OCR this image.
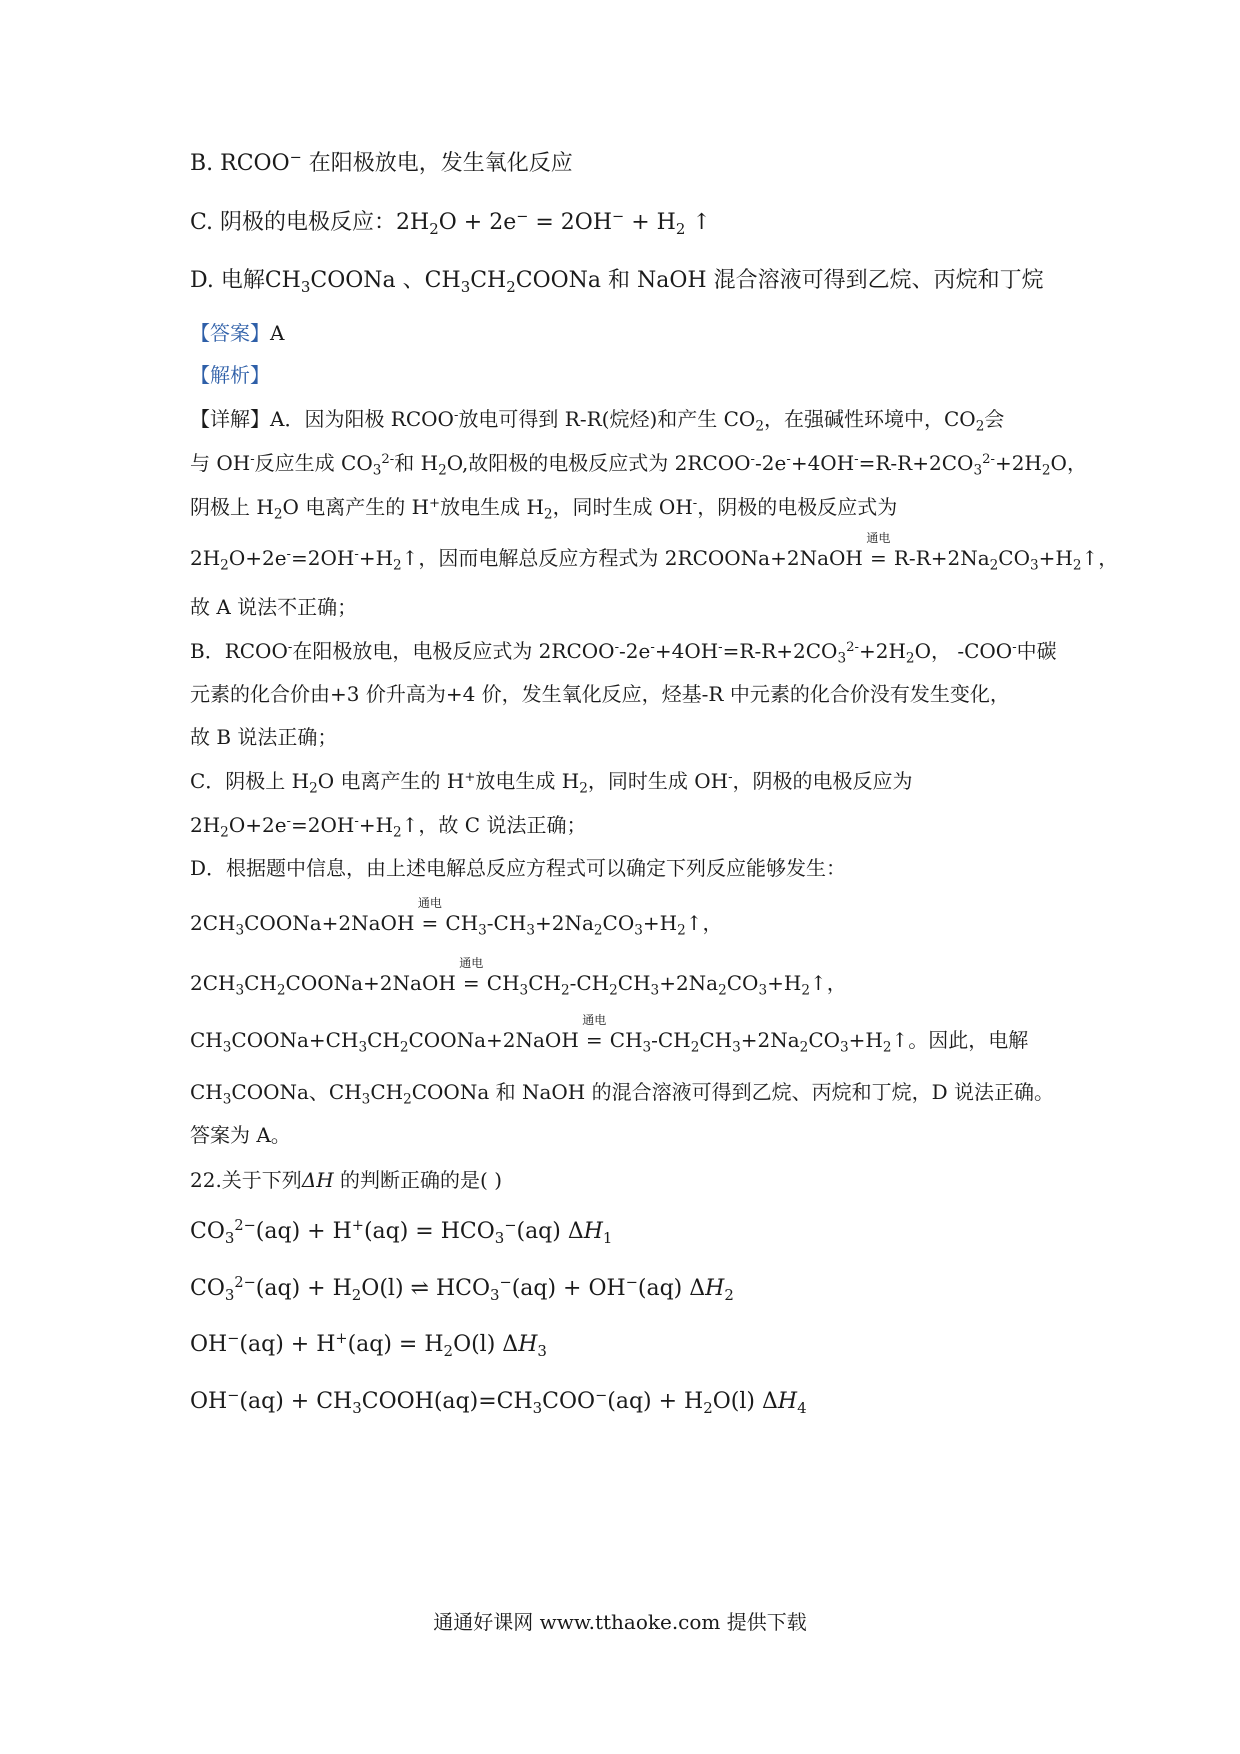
B. RCOO− 在阳极放电，发生氧化反应
C. 阴极的电极反应：$2H_2O + 2e^- = 2OH^- + H_2$ ↑
D. 电解$CH_3COONa$ 、$CH_3CH_2COONa$ 和 NaOH 混合溶液可得到乙烷、丙烷和丁烷
【答案】A
【解析】
【详解】A．因为阳极 RCOO-放电可得到 R-R(烷烃)和产生 $CO_2$，在强碱性环境中，$CO_2$会
与 OH-反应生成 $CO_3^{2-}$和 $H_2O$,故阳极的电极反应式为 $2RCOO^--2e^-+4OH^-=R-R+2CO_3^{2-}+2H_2O$，
阴极上 $H_2O$ 电离产生的 H+放电生成 $H_2$，同时生成 OH-，阴极的电极反应式为
$2H_2O+2e^-=2OH^-+H_2↑$，因而电解总反应方程式为 2RCOONa+2NaOH
通电
= $R-R+2Na_2CO_3+H_2↑$，
故 A 说法不正确；
B．RCOO-在阳极放电，电极反应式为 $2RCOO^--2e^-+4OH^-=R-R+2CO_3^{2-}+2H_2O$， -COO-中碳
元素的化合价由+3 价升高为+4 价，发生氧化反应，烃基-R 中元素的化合价没有发生变化，
故 B 说法正确；
C．阴极上 $H_2O$ 电离产生的 H+放电生成 $H_2$，同时生成 OH-，阴极的电极反应为
$2H_2O+2e^-=2OH^-+H_2↑$，故 C 说法正确；
D．根据题中信息，由上述电解总反应方程式可以确定下列反应能够发生：
$2CH_3COONa+2NaOH$
通电
= $CH_3-CH_3+2Na_2CO_3+H_2↑$，
$2CH_3CH_2COONa+2NaOH$
通电
= $CH_3CH_2-CH_2CH_3+2Na_2CO_3+H_2↑$，
$CH_3COONa+CH_3CH_2COONa+2NaOH$
通电
= $CH_3-CH_2CH_3+2Na_2CO_3+H_2↑$。因此，电解
$CH_3COONa$、$CH_3CH_2COONa$ 和 NaOH 的混合溶液可得到乙烷、丙烷和丁烷，D 说法正确。
答案为 A。
22.关于下列ΔH 的判断正确的是( )
$CO_3^{2-}(aq) + H^+(aq) = HCO_3^-(aq)$ $\Delta H_1$
$CO_3^{2-}(aq) + H_2O(l)$ ⇌ $HCO_3^-(aq) + OH^-(aq)$ $\Delta H_2$
$OH^-(aq) + H^+(aq) = H_2O(l)$ $\Delta H_3$
$OH^-(aq) + CH_3COOH(aq)=CH_3COO^-(aq) + H_2O(l)$ $\Delta H_4$
通通好课网 www.tthaoke.com 提供下载
